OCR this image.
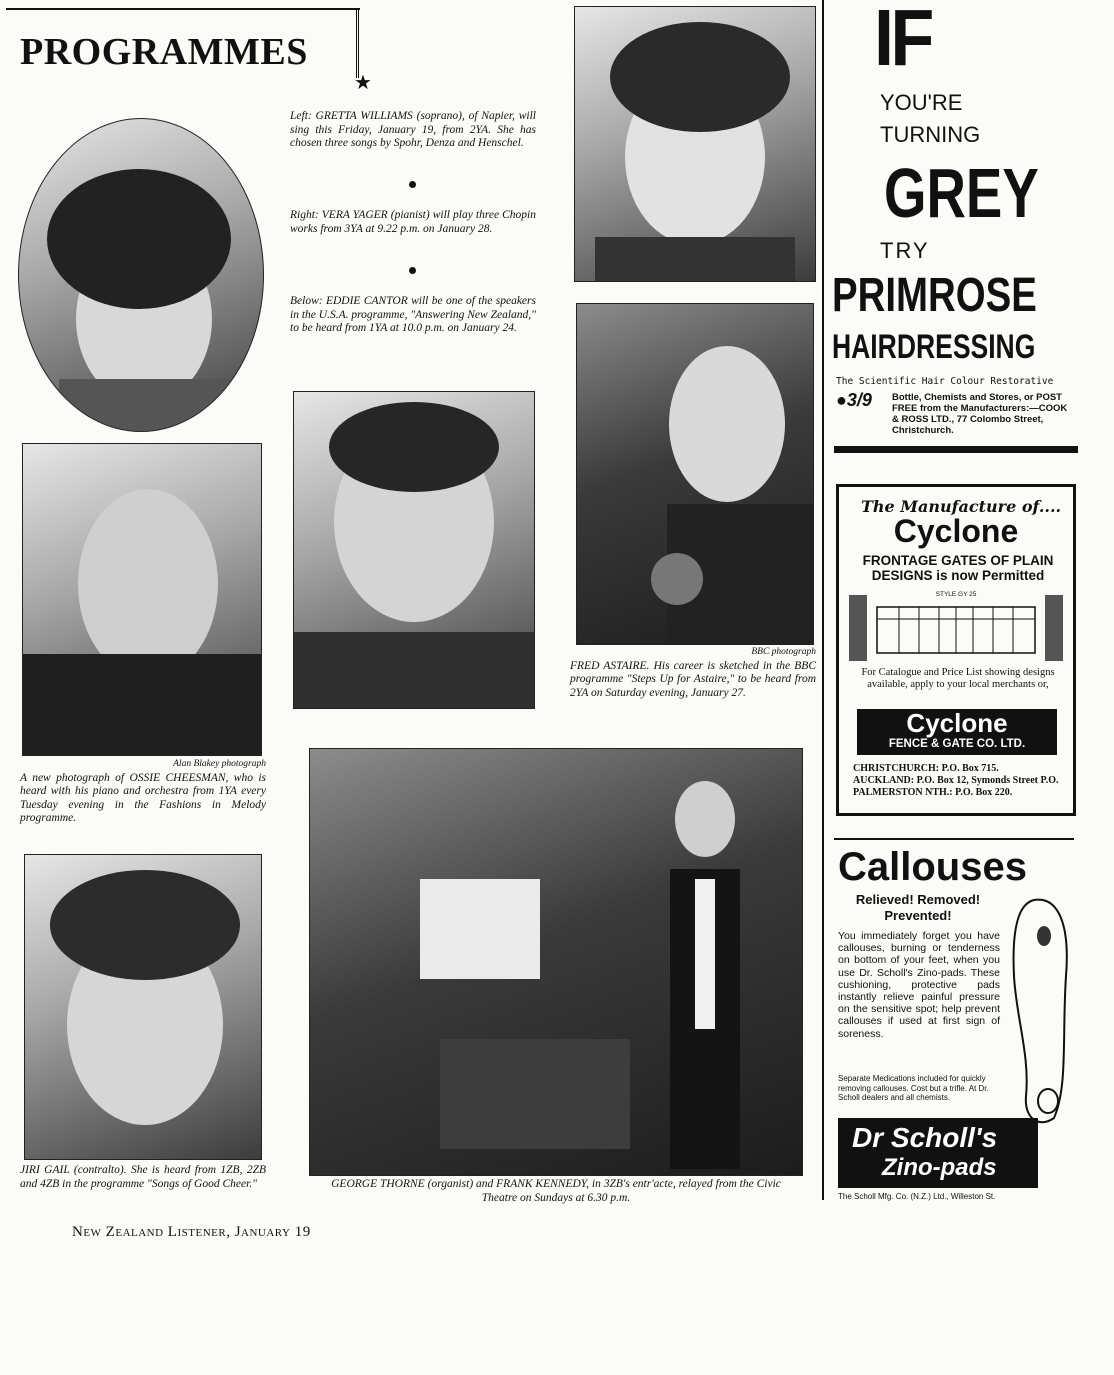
PROGRAMMES
★
Left: GRETTA WILLIAMS (soprano), of Napier, will sing this Friday, January 19, from 2YA. She has chosen three songs by Spohr, Denza and Henschel.
Right: VERA YAGER (pianist) will play three Chopin works from 3YA at 9.22 p.m. on January 28.
Below: EDDIE CANTOR will be one of the speakers in the U.S.A. programme, "Answering New Zealand," to be heard from 1YA at 10.0 p.m. on January 24.
Alan Blakey photograph
A new photograph of OSSIE CHEESMAN, who is heard with his piano and orchestra from 1YA every Tuesday evening in the Fashions in Melody programme.
BBC photograph
FRED ASTAIRE. His career is sketched in the BBC programme "Steps Up for Astaire," to be heard from 2YA on Saturday evening, January 27.
JIRI GAIL (contralto). She is heard from 1ZB, 2ZB and 4ZB in the programme "Songs of Good Cheer."	GEORGE THORNE (organist) and FRANK KENNEDY, in 3ZB's entr'acte, relayed from the Civic Theatre on Sundays at 6.30 p.m.
New Zealand Listener, January 19
IF
YOU'RE
TURNING
GREY
TRY
PRIMROSE
HAIRDRESSING
The Scientific Hair Colour Restorative
●3/9 Bottle, Chemists and Stores, or POST FREE from the Manufacturers:—COOK & ROSS LTD., 77 Colombo Street, Christchurch.
The Manufacture of....
Cyclone
FRONTAGE GATES OF PLAIN DESIGNS is now Permitted
STYLE GY 25
For Catalogue and Price List showing designs available, apply to your local merchants or,
Cyclone
FENCE & GATE CO. LTD.
CHRISTCHURCH: P.O. Box 715.
AUCKLAND: P.O. Box 12, Symonds Street P.O.
PALMERSTON NTH.: P.O. Box 220.
Callouses
Relieved! Removed! Prevented!
You immediately forget you have callouses, burning or tenderness on bottom of your feet, when you use Dr. Scholl's Zino-pads. These cushioning, protective pads instantly relieve painful pressure on the sensitive spot; help prevent callouses if used at first sign of soreness.
Separate Medications included for quickly removing callouses. Cost but a trifle. At Dr. Scholl dealers and all chemists.
Dr Scholl's
Zino-pads
The Scholl Mfg. Co. (N.Z.) Ltd., Willeston St.
